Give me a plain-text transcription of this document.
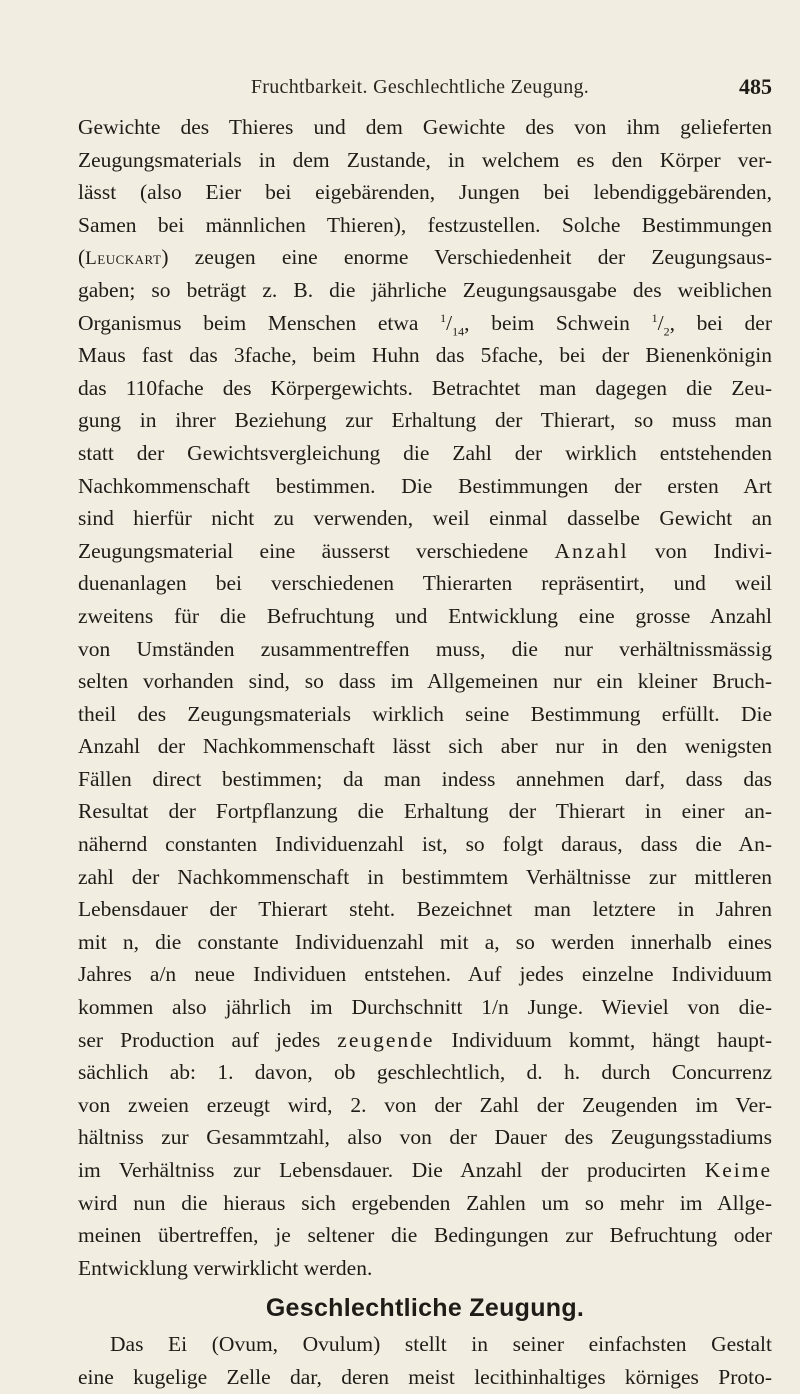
Fruchtbarkeit. Geschlechtliche Zeugung.	485
Gewichte des Thieres und dem Gewichte des von ihm gelieferten
Zeugungsmaterials in dem Zustande, in welchem es den Körper ver-
lässt (also Eier bei eigebärenden, Jungen bei lebendiggebärenden,
Samen bei männlichen Thieren), festzustellen. Solche Bestimmungen
(Leuckart) zeugen eine enorme Verschiedenheit der Zeugungsaus-
gaben; so beträgt z. B. die jährliche Zeugungsausgabe des weiblichen
Organismus beim Menschen etwa $^1/_{14}$, beim Schwein $^1/_2$, bei der
Maus fast das 3fache, beim Huhn das 5fache, bei der Bienenkönigin
das 110fache des Körpergewichts. Betrachtet man dagegen die Zeu-
gung in ihrer Beziehung zur Erhaltung der Thierart, so muss man
statt der Gewichtsvergleichung die Zahl der wirklich entstehenden
Nachkommenschaft bestimmen. Die Bestimmungen der ersten Art
sind hierfür nicht zu verwenden, weil einmal dasselbe Gewicht an
Zeugungsmaterial eine äusserst verschiedene Anzahl von Indivi-
duenanlagen bei verschiedenen Thierarten repräsentirt, und weil
zweitens für die Befruchtung und Entwicklung eine grosse Anzahl
von Umständen zusammentreffen muss, die nur verhältnissmässig
selten vorhanden sind, so dass im Allgemeinen nur ein kleiner Bruch-
theil des Zeugungsmaterials wirklich seine Bestimmung erfüllt. Die
Anzahl der Nachkommenschaft lässt sich aber nur in den wenigsten
Fällen direct bestimmen; da man indess annehmen darf, dass das
Resultat der Fortpflanzung die Erhaltung der Thierart in einer an-
nähernd constanten Individuenzahl ist, so folgt daraus, dass die An-
zahl der Nachkommenschaft in bestimmtem Verhältnisse zur mittleren
Lebensdauer der Thierart steht. Bezeichnet man letztere in Jahren
mit n, die constante Individuenzahl mit a, so werden innerhalb eines
Jahres a/n neue Individuen entstehen. Auf jedes einzelne Individuum
kommen also jährlich im Durchschnitt 1/n Junge. Wieviel von die-
ser Production auf jedes zeugende Individuum kommt, hängt haupt-
sächlich ab: 1. davon, ob geschlechtlich, d. h. durch Concurrenz
von zweien erzeugt wird, 2. von der Zahl der Zeugenden im Ver-
hältniss zur Gesammtzahl, also von der Dauer des Zeugungsstadiums
im Verhältniss zur Lebensdauer. Die Anzahl der producirten Keime
wird nun die hieraus sich ergebenden Zahlen um so mehr im Allge-
meinen übertreffen, je seltener die Bedingungen zur Befruchtung oder
Entwicklung verwirklicht werden.
Geschlechtliche Zeugung.
Das Ei (Ovum, Ovulum) stellt in seiner einfachsten Gestalt
eine kugelige Zelle dar, deren meist lecithinhaltiges körniges Proto-
